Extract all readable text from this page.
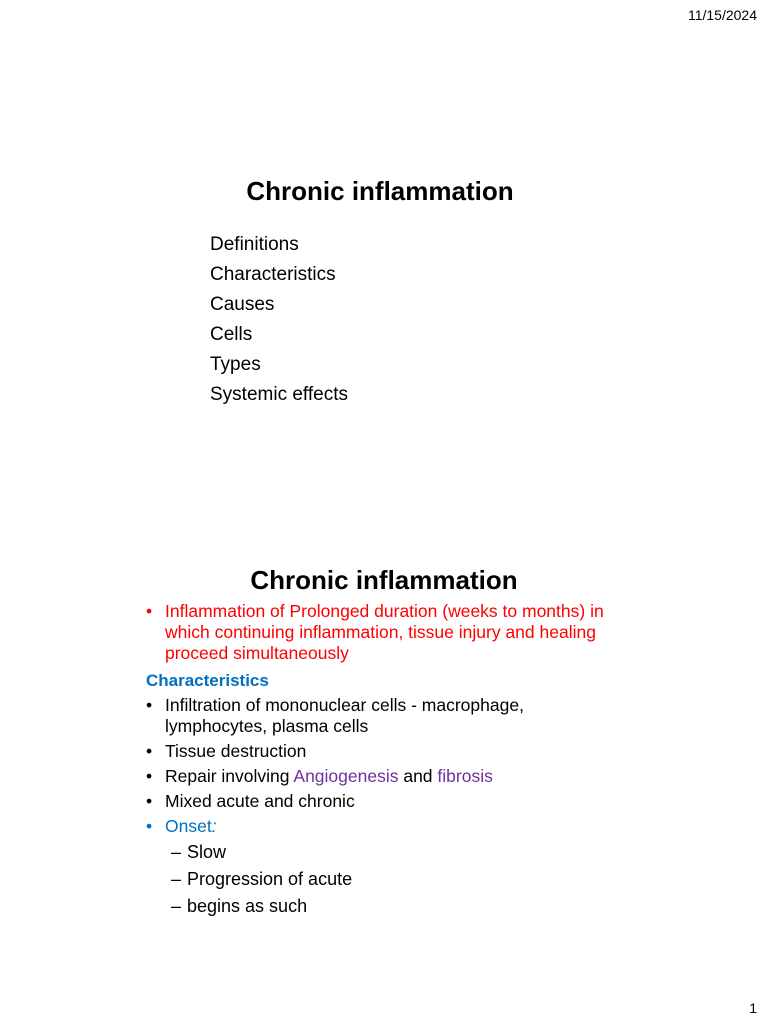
11/15/2024
Chronic inflammation
Definitions
Characteristics
Causes
Cells
Types
Systemic effects
Chronic inflammation
• Inflammation of Prolonged duration (weeks to months) in which continuing inflammation, tissue injury and healing proceed simultaneously
Characteristics
• Infiltration of mononuclear cells - macrophage, lymphocytes, plasma cells
• Tissue destruction
• Repair involving Angiogenesis and fibrosis
• Mixed acute and chronic
• Onset:
– Slow
– Progression of acute
– begins as such
1
